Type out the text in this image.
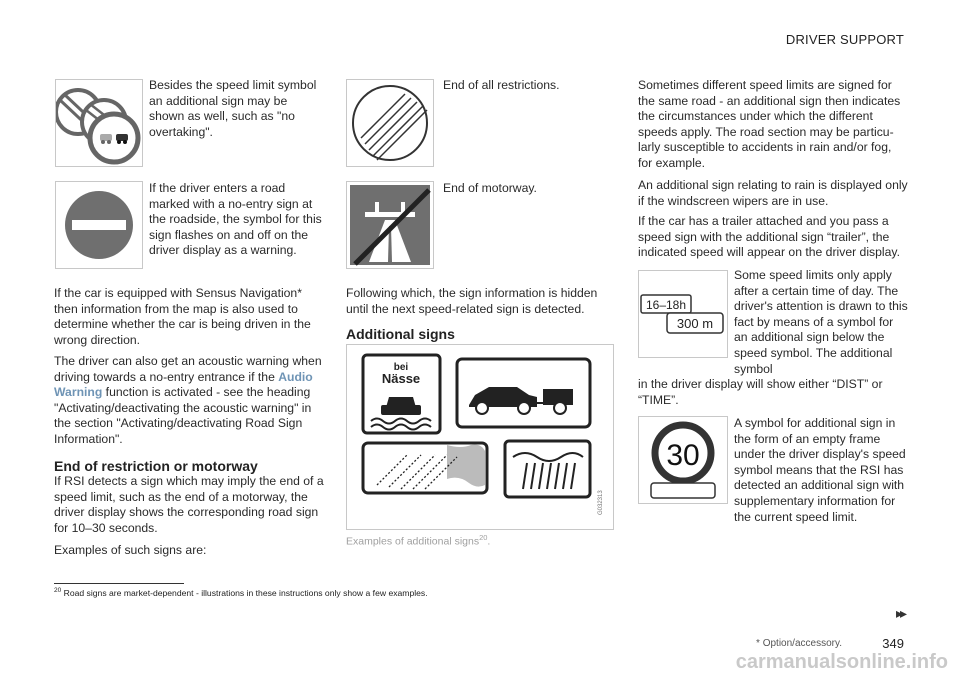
DRIVER SUPPORT

Besides the speed limit symbol an additional sign may be shown as well, such as "no overtaking".

If the driver enters a road marked with a no-entry sign at the roadside, the symbol for this sign flashes on and off on the driver display as a warning.

If the car is equipped with Sensus Navigation* then information from the map is also used to determine whether the car is being driven in the wrong direction.

The driver can also get an acoustic warning when driving towards a no-entry entrance if the Audio Warning function is activated - see the heading "Activating/deactivating the acoustic warning" in the section "Activating/deactivating Road Sign Information".

End of restriction or motorway

If RSI detects a sign which may imply the end of a speed limit, such as the end of a motorway, the driver display shows the corresponding road sign for 10–30 seconds.

Examples of such signs are:

End of all restrictions.

End of motorway.

Following which, the sign information is hidden until the next speed-related sign is detected.

Additional signs
bei
Nässe
G032313
Examples of additional signs$^{20}$.

Sometimes different speed limits are signed for the same road - an additional sign then indicates the circumstances under which the different speeds apply. The road section may be particu-larly susceptible to accidents in rain and/or fog, for example.

An additional sign relating to rain is displayed only if the windscreen wipers are in use.

If the car has a trailer attached and you pass a speed sign with the additional sign “trailer”, the indicated speed will appear on the driver display.

16–18h
300 m

Some speed limits only apply after a certain time of day. The driver's attention is drawn to this fact by means of a symbol for an additional sign below the speed symbol. The additional symbol

in the driver display will show either “DIST” or “TIME”.

30

A symbol for additional sign in the form of an empty frame under the driver display's speed symbol means that the RSI has detected an additional sign with supplementary information for the current speed limit.

$^{20}$ Road signs are market-dependent - illustrations in these instructions only show a few examples.
▸▸
* Option/accessory.	349
carmanualsonline.info
